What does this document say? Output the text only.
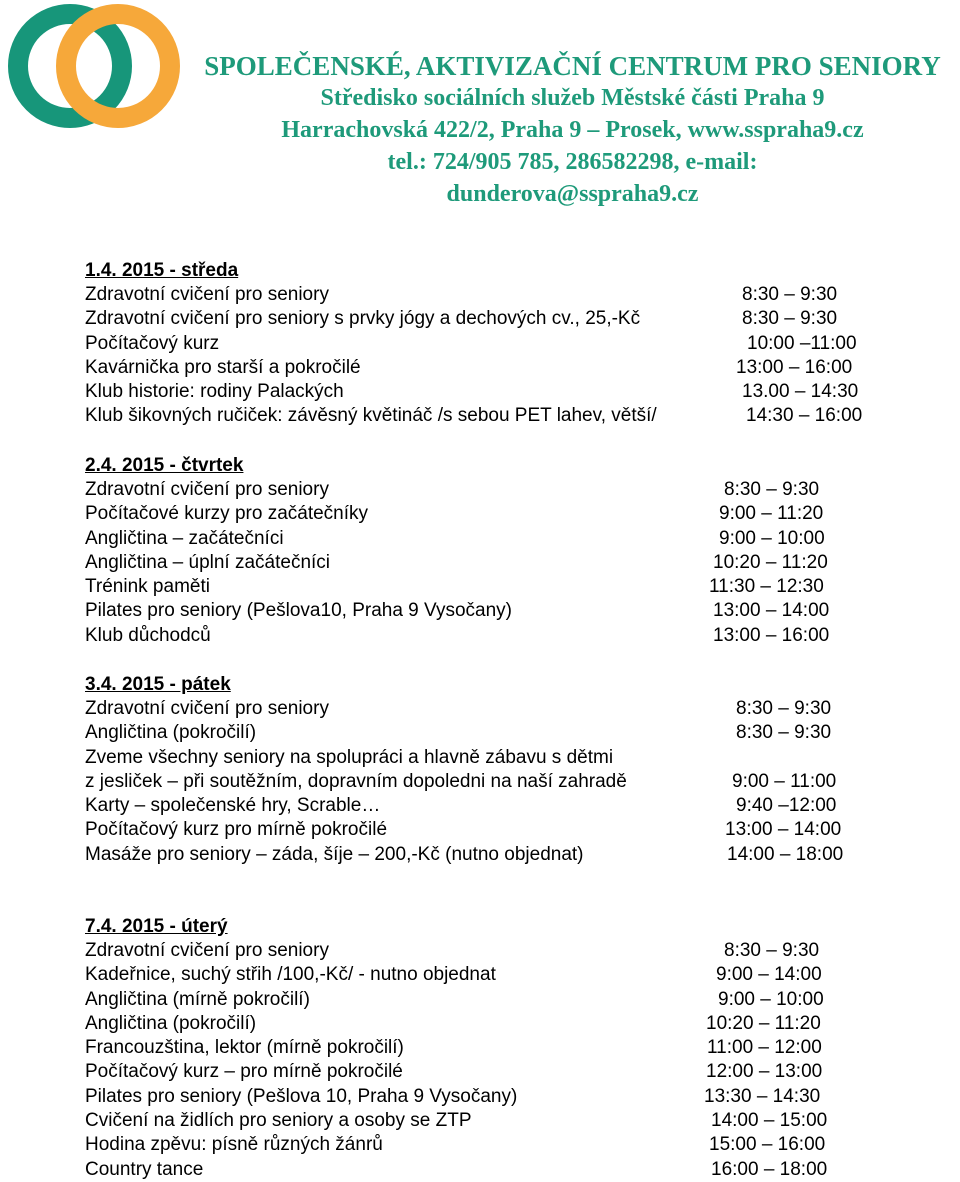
SPOLEČENSKÉ, AKTIVIZAČNÍ CENTRUM PRO SENIORY
Středisko sociálních služeb Městské části Praha 9
Harrachovská 422/2, Praha 9 – Prosek, www.sspraha9.cz
tel.: 724/905 785, 286582298, e-mail:
dunderova@sspraha9.cz
1.4. 2015 - středa
Zdravotní cvičení pro seniory	8:30 – 9:30
Zdravotní cvičení pro seniory s prvky jógy a dechových cv., 25,-Kč	8:30 – 9:30
Počítačový kurz	10:00 –11:00
Kavárnička pro starší a pokročilé	13:00 – 16:00
Klub historie: rodiny Palackých	13.00 – 14:30
Klub šikovných ručiček: závěsný květináč /s sebou PET lahev, větší/	14:30 – 16:00
2.4. 2015 - čtvrtek
Zdravotní cvičení pro seniory	8:30 – 9:30
Počítačové kurzy pro začátečníky	9:00 – 11:20
Angličtina – začátečníci	9:00 – 10:00
Angličtina – úplní začátečníci	10:20 – 11:20
Trénink paměti	11:30 – 12:30
Pilates pro seniory (Pešlova10, Praha 9 Vysočany)	13:00 – 14:00
Klub důchodců	13:00 – 16:00
3.4. 2015 - pátek
Zdravotní cvičení pro seniory	8:30 – 9:30
Angličtina (pokročilí)	8:30 – 9:30
Zveme všechny seniory na spolupráci a hlavně zábavu s dětmi
z jesliček – při soutěžním, dopravním dopoledni na naší zahradě	9:00 – 11:00
Karty – společenské hry, Scrable…	9:40 –12:00
Počítačový kurz pro mírně pokročilé	13:00 – 14:00
Masáže pro seniory – záda, šíje – 200,-Kč (nutno objednat)	14:00 – 18:00
7.4. 2015 - úterý
Zdravotní cvičení pro seniory	8:30 – 9:30
Kadeřnice, suchý střih /100,-Kč/ - nutno objednat	9:00 – 14:00
Angličtina (mírně pokročilí)	9:00 – 10:00
Angličtina (pokročilí)	10:20 – 11:20
Francouzština, lektor (mírně pokročilí)	11:00 – 12:00
Počítačový kurz – pro mírně pokročilé	12:00 – 13:00
Pilates pro seniory (Pešlova 10, Praha 9 Vysočany)	13:30 – 14:30
Cvičení na židlích pro seniory a osoby se ZTP	14:00 – 15:00
Hodina zpěvu: písně různých žánrů	15:00 – 16:00
Country tance	16:00 – 18:00
